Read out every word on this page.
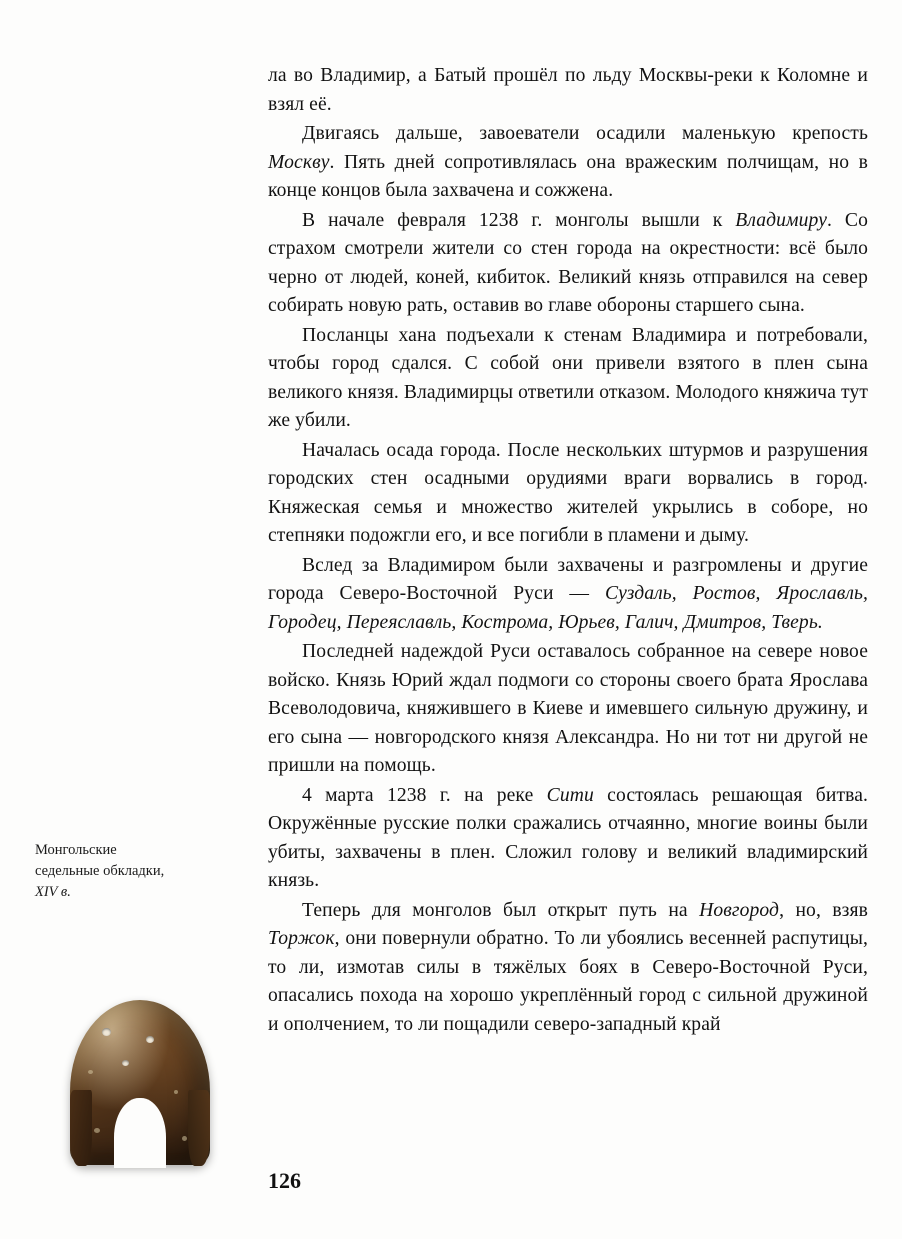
Монгольские
седельные обкладки,
XIV в.

ла во Владимир, а Батый прошёл по льду Москвы-реки к Коломне и взял её.

Двигаясь дальше, завоеватели осадили маленькую крепость Москву. Пять дней сопротивлялась она вражеским полчищам, но в конце концов была захвачена и сожжена.

В начале февраля 1238 г. монголы вышли к Владимиру. Со страхом смотрели жители со стен города на окрестности: всё было черно от людей, коней, кибиток. Великий князь отправился на север собирать новую рать, оставив во главе обороны старшего сына.

Посланцы хана подъехали к стенам Владимира и потребовали, чтобы город сдался. С собой они привели взятого в плен сына великого князя. Владимирцы ответили отказом. Молодого княжича тут же убили.

Началась осада города. После нескольких штурмов и разрушения городских стен осадными орудиями враги ворвались в город. Княжеская семья и множество жителей укрылись в соборе, но степняки подожгли его, и все погибли в пламени и дыму.

Вслед за Владимиром были захвачены и разгромлены и другие города Северо-Восточной Руси — Суздаль, Ростов, Ярославль, Городец, Переяславль, Кострома, Юрьев, Галич, Дмитров, Тверь.

Последней надеждой Руси оставалось собранное на севере новое войско. Князь Юрий ждал подмоги со стороны своего брата Ярослава Всеволодовича, княжившего в Киеве и имевшего сильную дружину, и его сына — новгородского князя Александра. Но ни тот ни другой не пришли на помощь.

4 марта 1238 г. на реке Сити состоялась решающая битва. Окружённые русские полки сражались отчаянно, многие воины были убиты, захвачены в плен. Сложил голову и великий владимирский князь.

Теперь для монголов был открыт путь на Новгород, но, взяв Торжок, они повернули обратно. То ли убоялись весенней распутицы, то ли, измотав силы в тяжёлых боях в Северо-Восточной Руси, опасались похода на хорошо укреплённый город с сильной дружиной и ополчением, то ли пощадили северо-западный край

126
